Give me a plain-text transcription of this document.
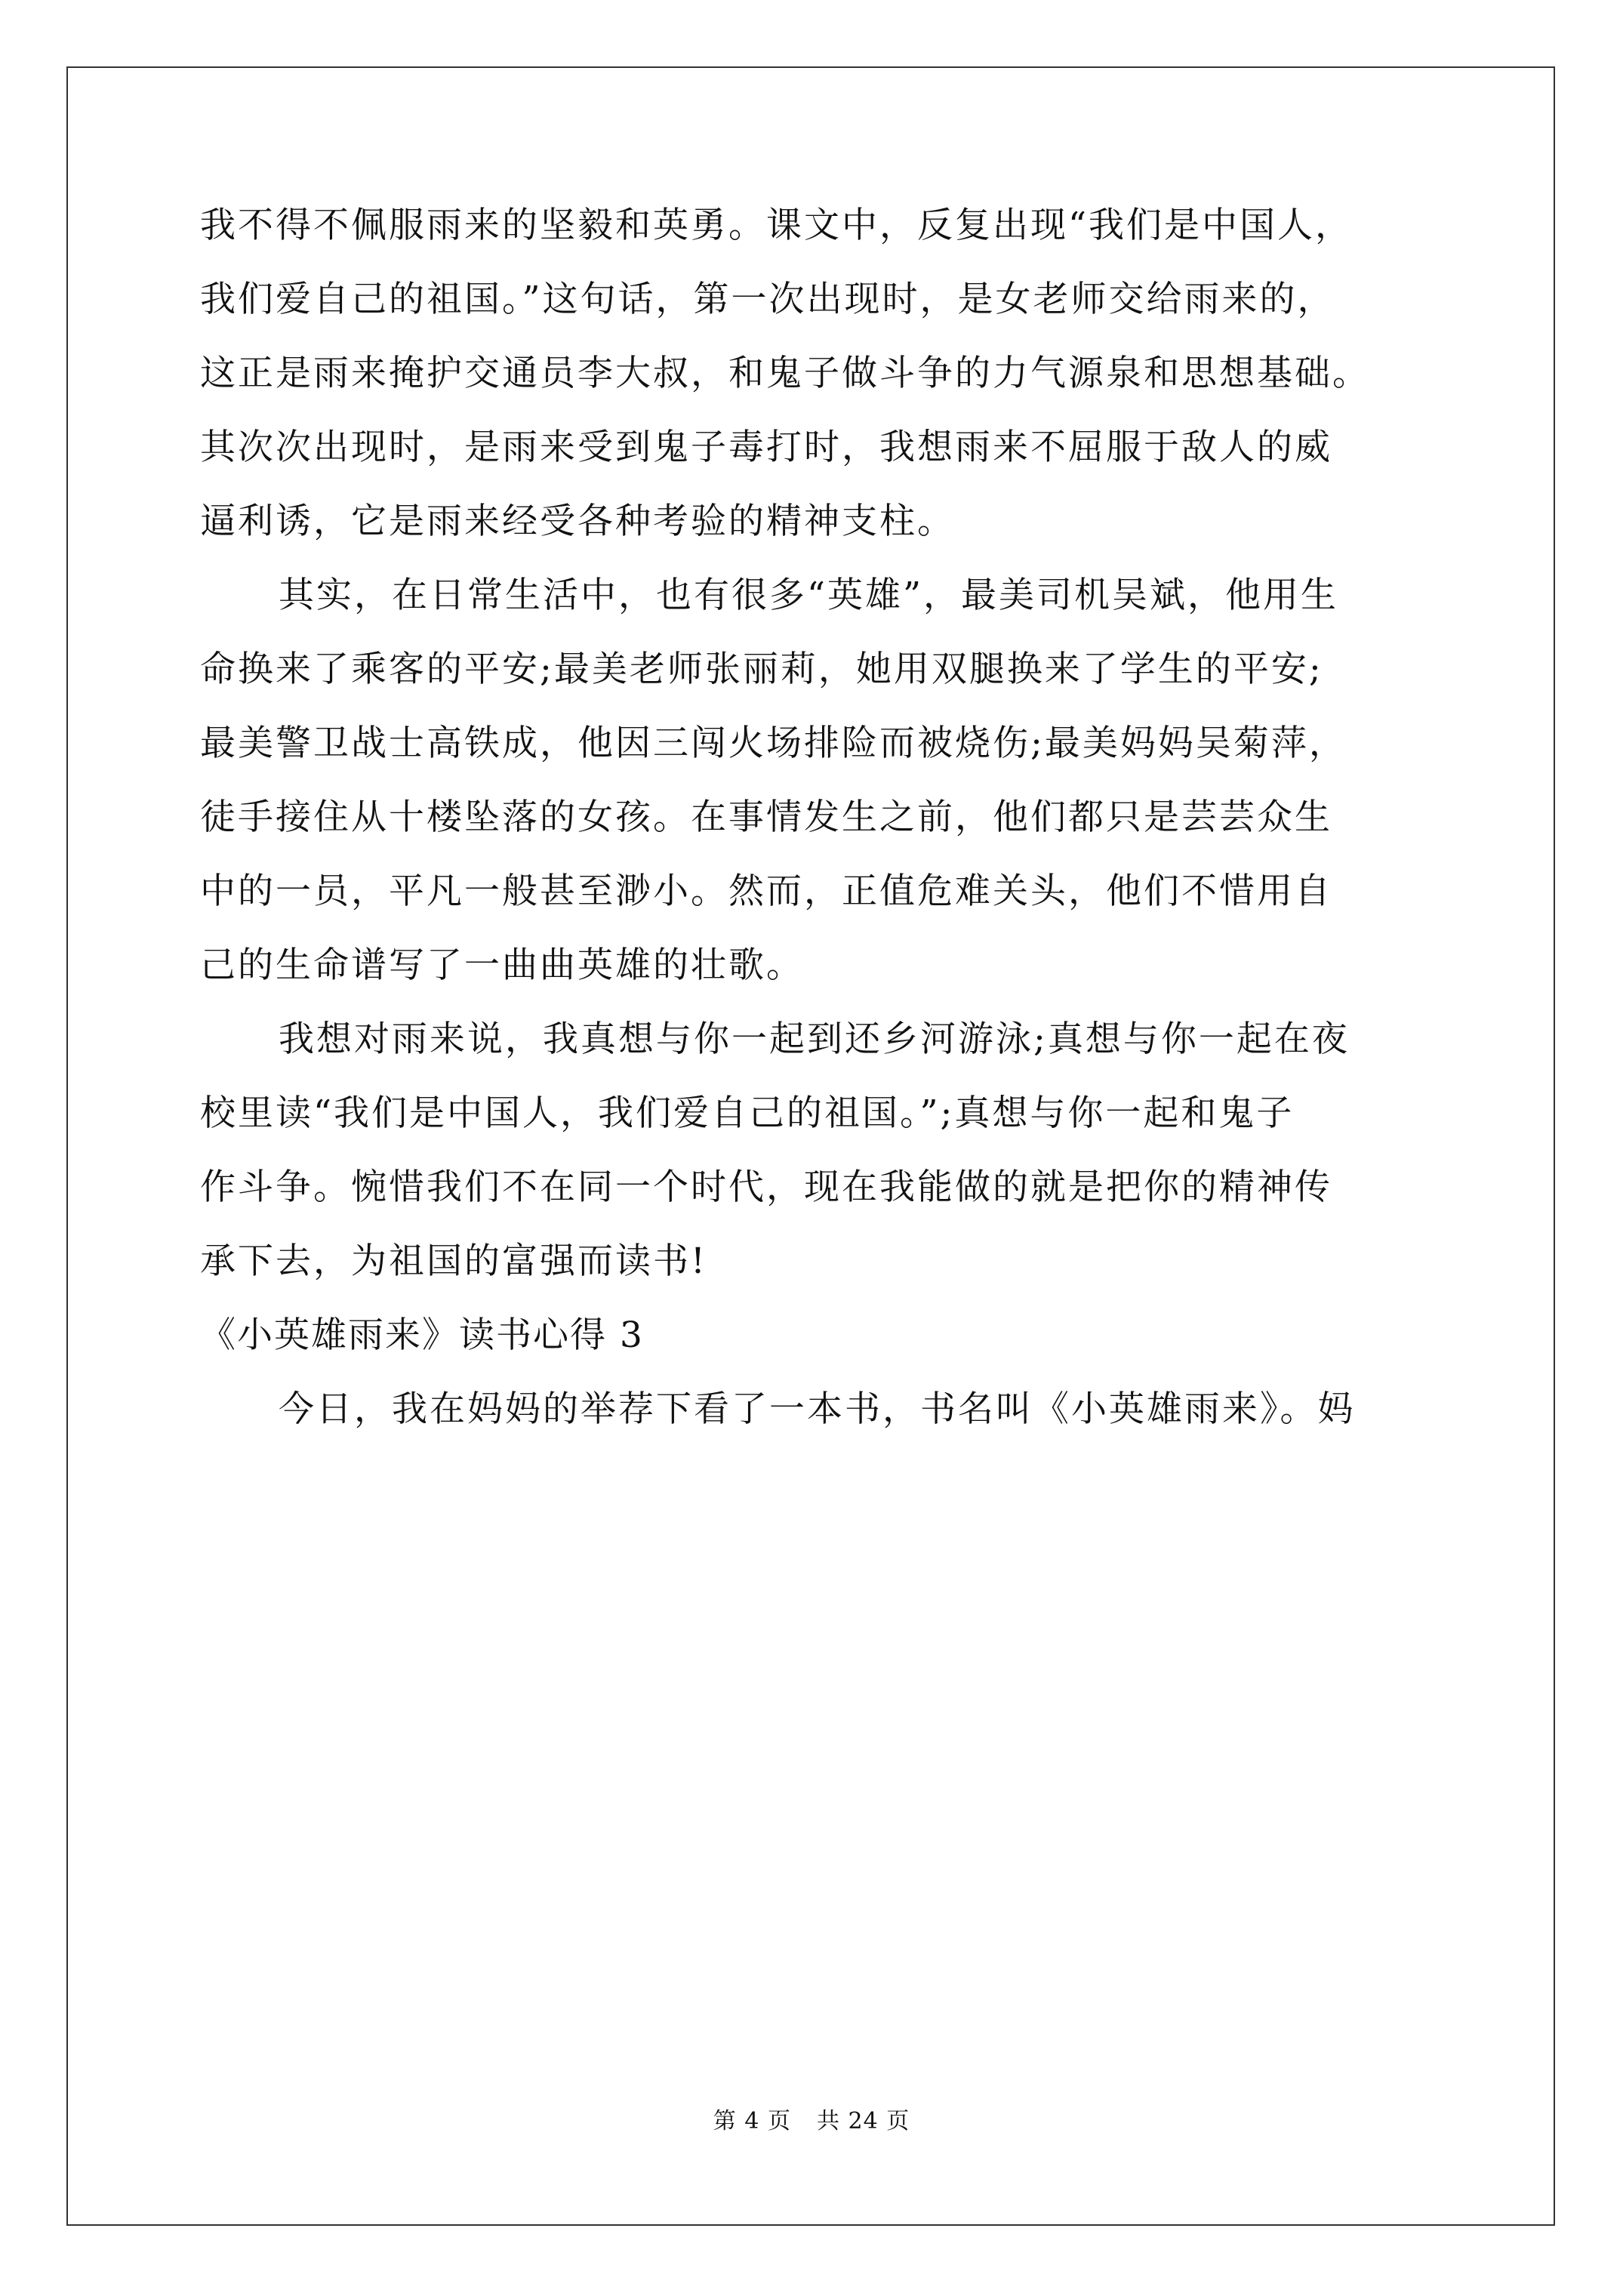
我不得不佩服雨来的坚毅和英勇。课文中，反复出现“我们是中国人，
我们爱自己的祖国。”这句话，第一次出现时，是女老师交给雨来的，
这正是雨来掩护交通员李大叔，和鬼子做斗争的力气源泉和思想基础。
其次次出现时，是雨来受到鬼子毒打时，我想雨来不屈服于敌人的威
逼利诱，它是雨来经受各种考验的精神支柱。
其实，在日常生活中，也有很多“英雄”，最美司机吴斌，他用生
命换来了乘客的平安;最美老师张丽莉，她用双腿换来了学生的平安;
最美警卫战士高铁成，他因三闯火场排险而被烧伤;最美妈妈吴菊萍，
徒手接住从十楼坠落的女孩。在事情发生之前，他们都只是芸芸众生
中的一员，平凡一般甚至渺小。然而，正值危难关头，他们不惜用自
己的生命谱写了一曲曲英雄的壮歌。
我想对雨来说，我真想与你一起到还乡河游泳;真想与你一起在夜
校里读“我们是中国人，我们爱自己的祖国。”;真想与你一起和鬼子
作斗争。惋惜我们不在同一个时代，现在我能做的就是把你的精神传
承下去，为祖国的富强而读书!
《小英雄雨来》读书心得 3
今日，我在妈妈的举荐下看了一本书，书名叫《小英雄雨来》。妈
第 4 页 共 24 页
